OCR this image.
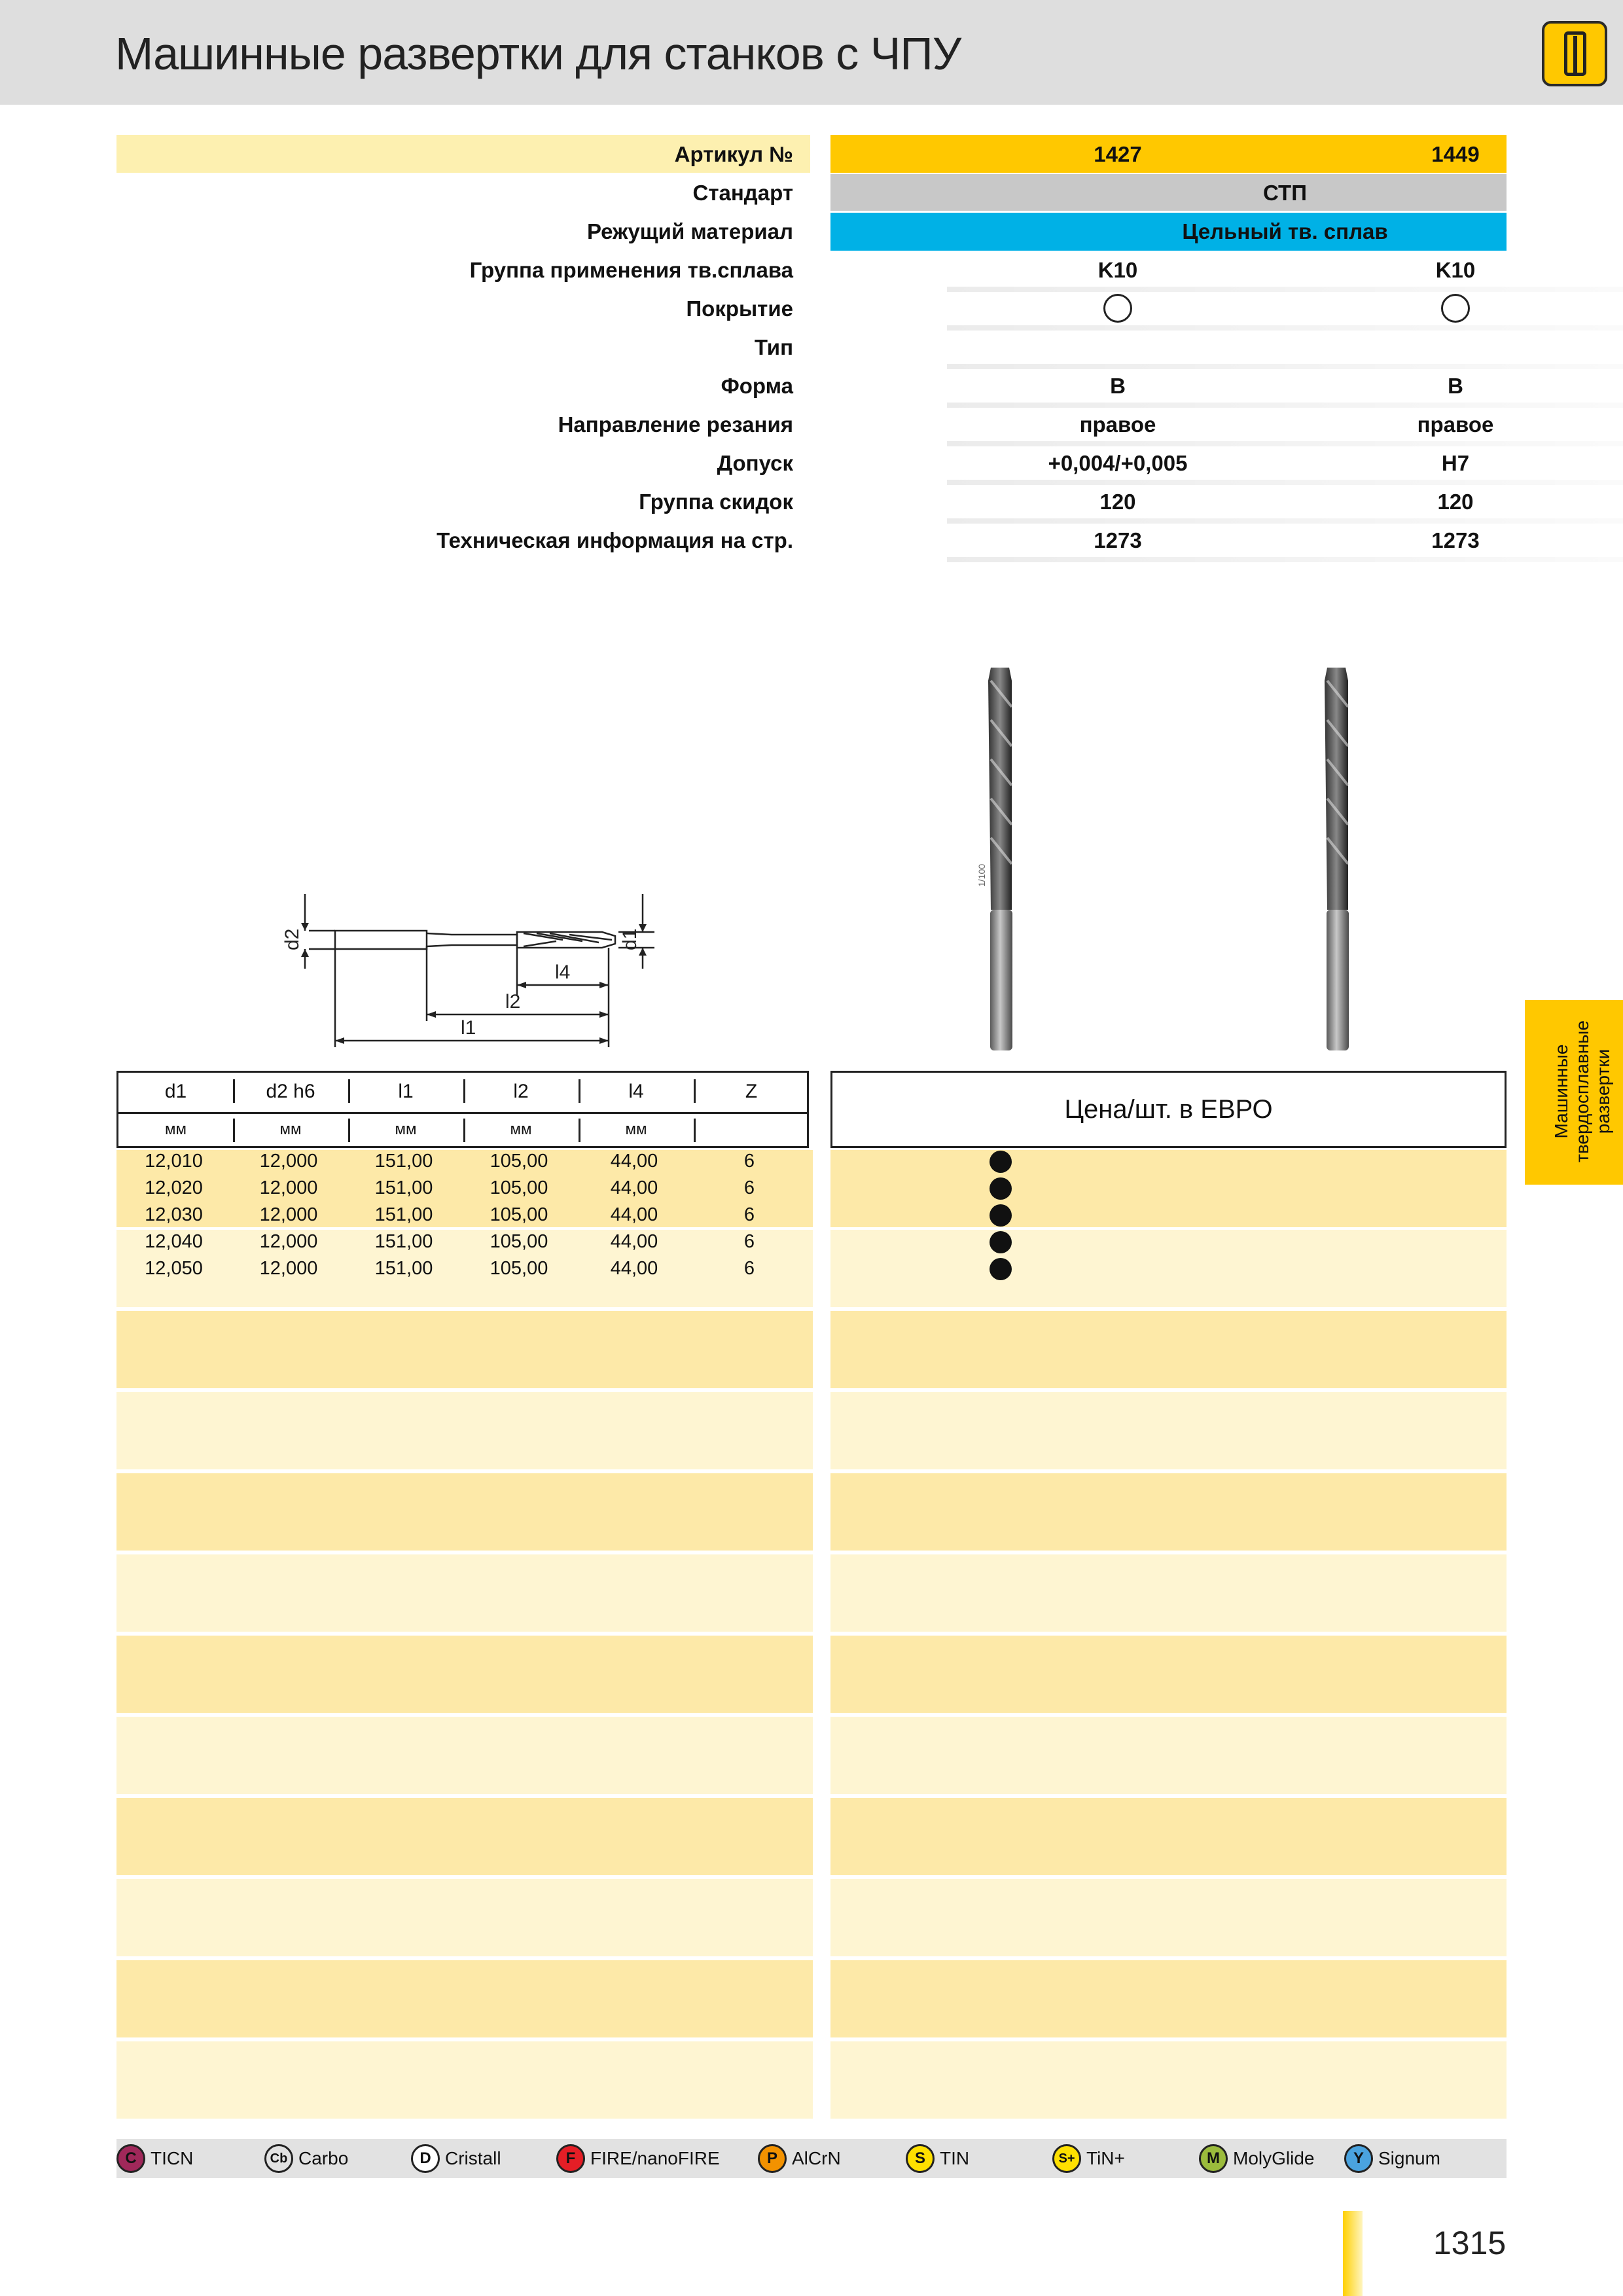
Машинные развертки для станков с ЧПУ
Артикул №	1427	1449
Стандарт	СТП
Режущий материал	Цельный тв. сплав
Группа применения тв.сплава	K10	K10
Покрытие
Тип
Форма	B	B
Направление резания	правое	правое
Допуск	+0,004/+0,005	H7
Группа скидок	120	120
Техническая информация на стр.	1273	1273
d2	d1
l4
l2
l1
1/100
Машинные твердосплавные развертки
d1	d2 h6	l1	l2	l4	Z
мм	мм	мм	мм	мм
Цена/шт. в ЕВРО
12,010	12,000	151,00	105,00	44,00	6
12,020	12,000	151,00	105,00	44,00	6
12,030	12,000	151,00	105,00	44,00	6
12,040	12,000	151,00	105,00	44,00	6
12,050	12,000	151,00	105,00	44,00	6
C TICN	Cb Carbo	D Cristall	F FIRE/nanoFIRE	P AlCrN	S TIN	S+ TiN+	M MolyGlide	Y Signum
1315
